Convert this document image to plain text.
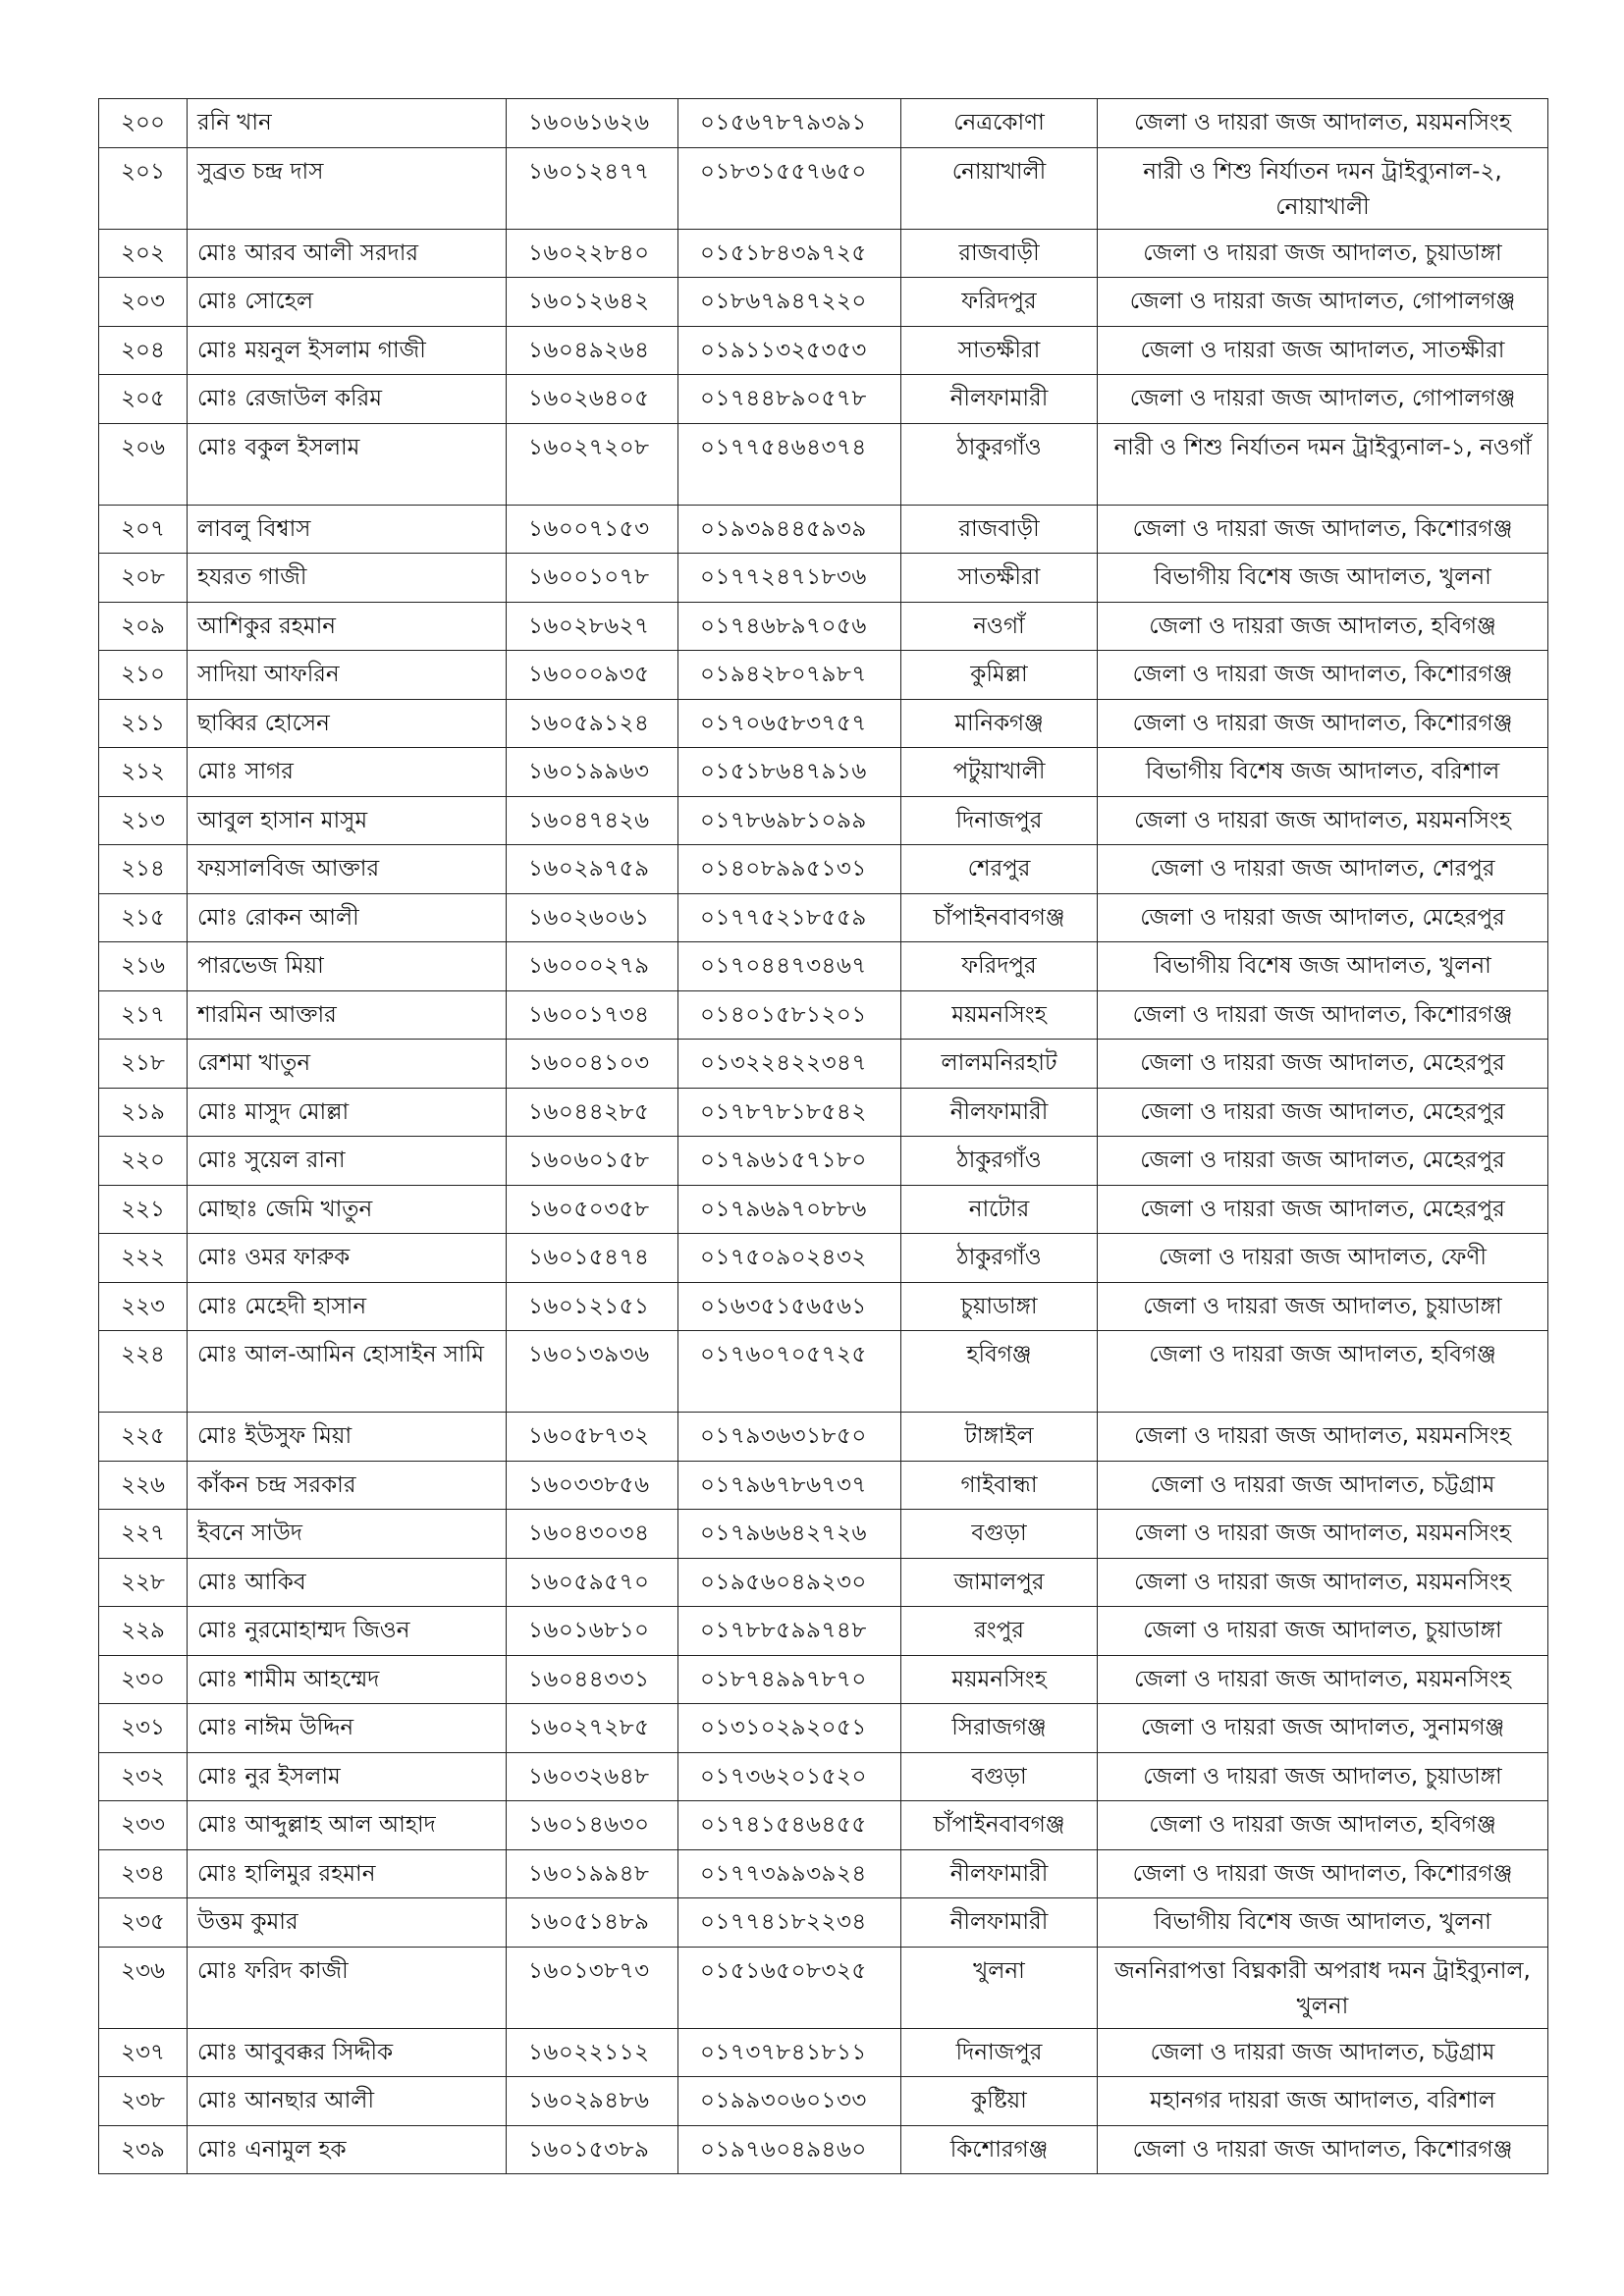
২০০	রনি খান	১৬০৬১৬২৬	০১৫৬৭৮৭৯৩৯১	নেত্রকোণা	জেলা ও দায়রা জজ আদালত, ময়মনসিংহ
২০১	সুব্রত চন্দ্র দাস	১৬০১২৪৭৭	০১৮৩১৫৫৭৬৫০	নোয়াখালী	নারী ও শিশু নির্যাতন দমন ট্রাইব্যুনাল-২, নোয়াখালী
২০২	মোঃ আরব আলী সরদার	১৬০২২৮৪০	০১৫১৮৪৩৯৭২৫	রাজবাড়ী	জেলা ও দায়রা জজ আদালত, চুয়াডাঙ্গা
২০৩	মোঃ সোহেল	১৬০১২৬৪২	০১৮৬৭৯৪৭২২০	ফরিদপুর	জেলা ও দায়রা জজ আদালত, গোপালগঞ্জ
২০৪	মোঃ ময়নুল ইসলাম গাজী	১৬০৪৯২৬৪	০১৯১১৩২৫৩৫৩	সাতক্ষীরা	জেলা ও দায়রা জজ আদালত, সাতক্ষীরা
২০৫	মোঃ রেজাউল করিম	১৬০২৬৪০৫	০১৭৪৪৮৯০৫৭৮	নীলফামারী	জেলা ও দায়রা জজ আদালত, গোপালগঞ্জ
২০৬	মোঃ বকুল ইসলাম	১৬০২৭২০৮	০১৭৭৫৪৬৪৩৭৪	ঠাকুরগাঁও	নারী ও শিশু নির্যাতন দমন ট্রাইব্যুনাল-১, নওগাঁ
২০৭	লাবলু বিশ্বাস	১৬০০৭১৫৩	০১৯৩৯৪৪৫৯৩৯	রাজবাড়ী	জেলা ও দায়রা জজ আদালত, কিশোরগঞ্জ
২০৮	হযরত গাজী	১৬০০১০৭৮	০১৭৭২৪৭১৮৩৬	সাতক্ষীরা	বিভাগীয় বিশেষ জজ আদালত, খুলনা
২০৯	আশিকুর রহমান	১৬০২৮৬২৭	০১৭৪৬৮৯৭০৫৬	নওগাঁ	জেলা ও দায়রা জজ আদালত, হবিগঞ্জ
২১০	সাদিয়া আফরিন	১৬০০০৯৩৫	০১৯৪২৮০৭৯৮৭	কুমিল্লা	জেলা ও দায়রা জজ আদালত, কিশোরগঞ্জ
২১১	ছাব্বির হোসেন	১৬০৫৯১২৪	০১৭০৬৫৮৩৭৫৭	মানিকগঞ্জ	জেলা ও দায়রা জজ আদালত, কিশোরগঞ্জ
২১২	মোঃ সাগর	১৬০১৯৯৬৩	০১৫১৮৬৪৭৯১৬	পটুয়াখালী	বিভাগীয় বিশেষ জজ আদালত, বরিশাল
২১৩	আবুল হাসান মাসুম	১৬০৪৭৪২৬	০১৭৮৬৯৮১০৯৯	দিনাজপুর	জেলা ও দায়রা জজ আদালত, ময়মনসিংহ
২১৪	ফয়সালবিজ আক্তার	১৬০২৯৭৫৯	০১৪০৮৯৯৫১৩১	শেরপুর	জেলা ও দায়রা জজ আদালত, শেরপুর
২১৫	মোঃ রোকন আলী	১৬০২৬০৬১	০১৭৭৫২১৮৫৫৯	চাঁপাইনবাবগঞ্জ	জেলা ও দায়রা জজ আদালত, মেহেরপুর
২১৬	পারভেজ মিয়া	১৬০০০২৭৯	০১৭০৪৪৭৩৪৬৭	ফরিদপুর	বিভাগীয় বিশেষ জজ আদালত, খুলনা
২১৭	শারমিন আক্তার	১৬০০১৭৩৪	০১৪০১৫৮১২০১	ময়মনসিংহ	জেলা ও দায়রা জজ আদালত, কিশোরগঞ্জ
২১৮	রেশমা খাতুন	১৬০০৪১০৩	০১৩২২৪২২৩৪৭	লালমনিরহাট	জেলা ও দায়রা জজ আদালত, মেহেরপুর
২১৯	মোঃ মাসুদ মোল্লা	১৬০৪৪২৮৫	০১৭৮৭৮১৮৫৪২	নীলফামারী	জেলা ও দায়রা জজ আদালত, মেহেরপুর
২২০	মোঃ সুয়েল রানা	১৬০৬০১৫৮	০১৭৯৬১৫৭১৮০	ঠাকুরগাঁও	জেলা ও দায়রা জজ আদালত, মেহেরপুর
২২১	মোছাঃ জেমি খাতুন	১৬০৫০৩৫৮	০১৭৯৬৯৭০৮৮৬	নাটোর	জেলা ও দায়রা জজ আদালত, মেহেরপুর
২২২	মোঃ ওমর ফারুক	১৬০১৫৪৭৪	০১৭৫০৯০২৪৩২	ঠাকুরগাঁও	জেলা ও দায়রা জজ আদালত, ফেণী
২২৩	মোঃ মেহেদী হাসান	১৬০১২১৫১	০১৬৩৫১৫৬৫৬১	চুয়াডাঙ্গা	জেলা ও দায়রা জজ আদালত, চুয়াডাঙ্গা
২২৪	মোঃ আল-আমিন হোসাইন সামি	১৬০১৩৯৩৬	০১৭৬০৭০৫৭২৫	হবিগঞ্জ	জেলা ও দায়রা জজ আদালত, হবিগঞ্জ
২২৫	মোঃ ইউসুফ মিয়া	১৬০৫৮৭৩২	০১৭৯৩৬৩১৮৫০	টাঙ্গাইল	জেলা ও দায়রা জজ আদালত, ময়মনসিংহ
২২৬	কাঁকন চন্দ্র সরকার	১৬০৩৩৮৫৬	০১৭৯৬৭৮৬৭৩৭	গাইবান্ধা	জেলা ও দায়রা জজ আদালত, চট্টগ্রাম
২২৭	ইবনে সাউদ	১৬০৪৩০৩৪	০১৭৯৬৬৪২৭২৬	বগুড়া	জেলা ও দায়রা জজ আদালত, ময়মনসিংহ
২২৮	মোঃ আকিব	১৬০৫৯৫৭০	০১৯৫৬০৪৯২৩০	জামালপুর	জেলা ও দায়রা জজ আদালত, ময়মনসিংহ
২২৯	মোঃ নুরমোহাম্মদ জিওন	১৬০১৬৮১০	০১৭৮৮৫৯৯৭৪৮	রংপুর	জেলা ও দায়রা জজ আদালত, চুয়াডাঙ্গা
২৩০	মোঃ শামীম আহম্মেদ	১৬০৪৪৩৩১	০১৮৭৪৯৯৭৮৭০	ময়মনসিংহ	জেলা ও দায়রা জজ আদালত, ময়মনসিংহ
২৩১	মোঃ নাঈম উদ্দিন	১৬০২৭২৮৫	০১৩১০২৯২০৫১	সিরাজগঞ্জ	জেলা ও দায়রা জজ আদালত, সুনামগঞ্জ
২৩২	মোঃ নুর ইসলাম	১৬০৩২৬৪৮	০১৭৩৬২০১৫২০	বগুড়া	জেলা ও দায়রা জজ আদালত, চুয়াডাঙ্গা
২৩৩	মোঃ আব্দুল্লাহ আল আহাদ	১৬০১৪৬৩০	০১৭৪১৫৪৬৪৫৫	চাঁপাইনবাবগঞ্জ	জেলা ও দায়রা জজ আদালত, হবিগঞ্জ
২৩৪	মোঃ হালিমুর রহমান	১৬০১৯৯৪৮	০১৭৭৩৯৯৩৯২৪	নীলফামারী	জেলা ও দায়রা জজ আদালত, কিশোরগঞ্জ
২৩৫	উত্তম কুমার	১৬০৫১৪৮৯	০১৭৭৪১৮২২৩৪	নীলফামারী	বিভাগীয় বিশেষ জজ আদালত, খুলনা
২৩৬	মোঃ ফরিদ কাজী	১৬০১৩৮৭৩	০১৫১৬৫০৮৩২৫	খুলনা	জননিরাপত্তা বিঘ্নকারী অপরাধ দমন ট্রাইব্যুনাল, খুলনা
২৩৭	মোঃ আবুবক্কর সিদ্দীক	১৬০২২১১২	০১৭৩৭৮৪১৮১১	দিনাজপুর	জেলা ও দায়রা জজ আদালত, চট্টগ্রাম
২৩৮	মোঃ আনছার আলী	১৬০২৯৪৮৬	০১৯৯৩০৬০১৩৩	কুষ্টিয়া	মহানগর দায়রা জজ আদালত, বরিশাল
২৩৯	মোঃ এনামুল হক	১৬০১৫৩৮৯	০১৯৭৬০৪৯৪৬০	কিশোরগঞ্জ	জেলা ও দায়রা জজ আদালত, কিশোরগঞ্জ
